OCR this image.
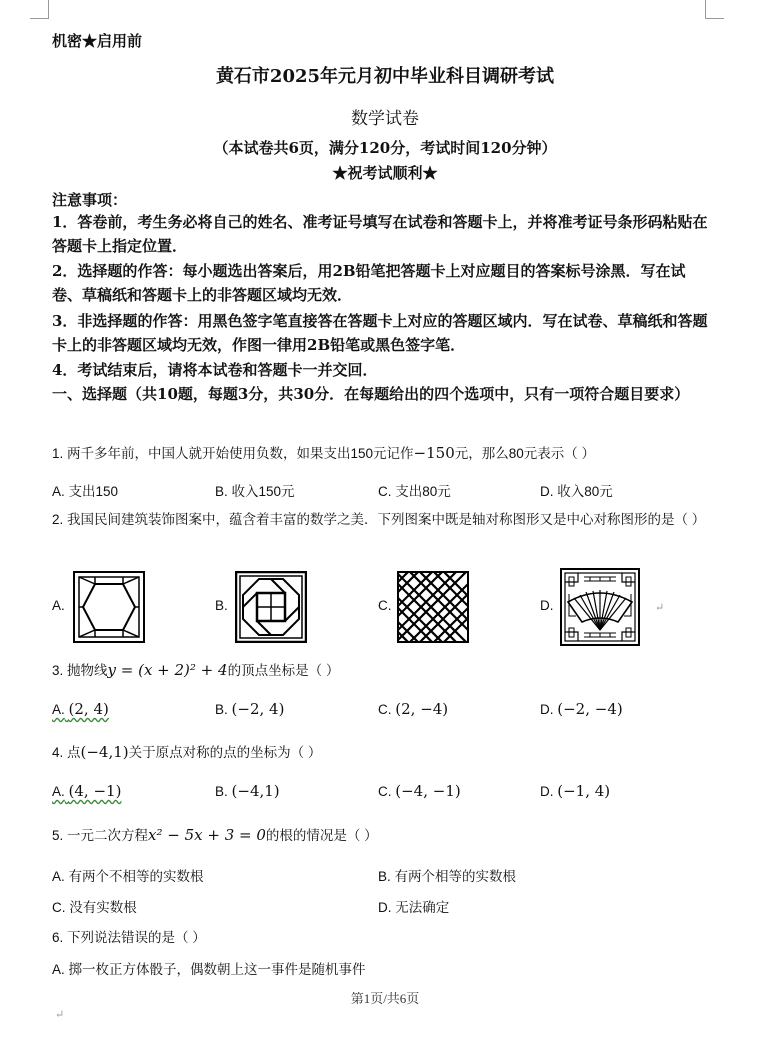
机密★启用前
黄石市2025年元月初中毕业科目调研考试
数学试卷
（本试卷共6页，满分120分，考试时间120分钟）
★祝考试顺利★
注意事项：
1．答卷前，考生务必将自己的姓名、准考证号填写在试卷和答题卡上，并将准考证号条形码粘贴在答题卡上指定位置．
2．选择题的作答：每小题选出答案后，用2B铅笔把答题卡上对应题目的答案标号涂黑．写在试卷、草稿纸和答题卡上的非答题区域均无效．
3．非选择题的作答：用黑色签字笔直接答在答题卡上对应的答题区域内．写在试卷、草稿纸和答题卡上的非答题区域均无效，作图一律用2B铅笔或黑色签字笔．
4．考试结束后，请将本试卷和答题卡一并交回．
一、选择题（共10题，每题3分，共30分．在每题给出的四个选项中，只有一项符合题目要求）
1. 两千多年前，中国人就开始使用负数，如果支出150元记作−150元，那么80元表示（ ）
A. 支出150	B. 收入150元	C. 支出80元	D. 收入80元
2. 我国民间建筑装饰图案中，蕴含着丰富的数学之美．下列图案中既是轴对称图形又是中心对称图形的是（ ）
A.	B.	C.	D.	↵
3. 抛物线y = (x + 2)² + 4的顶点坐标是（ ）
A. (2, 4)	B. (−2, 4)	C. (2, −4)	D. (−2, −4)
4. 点(−4,1)关于原点对称的点的坐标为（ ）
A. (4, −1)	B. (−4,1)	C. (−4, −1)	D. (−1, 4)
5. 一元二次方程x² − 5x + 3 = 0的根的情况是（ ）
A. 有两个不相等的实数根	B. 有两个相等的实数根
C. 没有实数根	D. 无法确定
6. 下列说法错误的是（ ）
A. 掷一枚正方体骰子，偶数朝上这一事件是随机事件
第1页/共6页
↵
